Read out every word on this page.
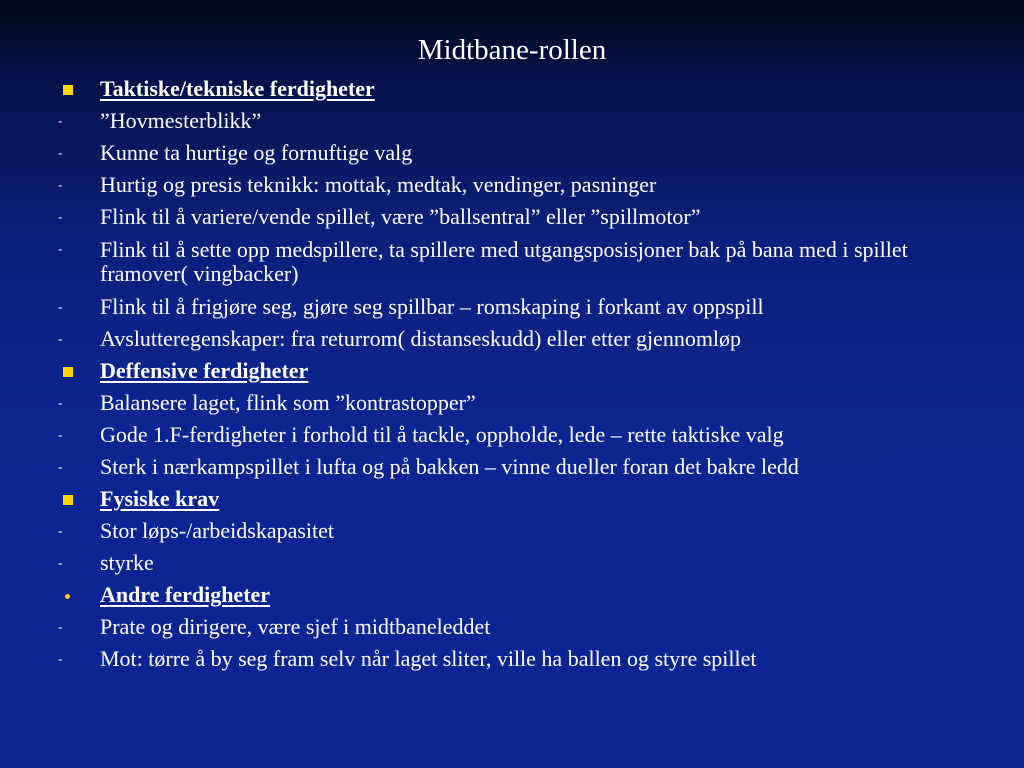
Midtbane-rollen
Taktiske/tekniske ferdigheter
-	”Hovmesterblikk”
-	Kunne ta hurtige og fornuftige valg
-	Hurtig og presis teknikk: mottak, medtak, vendinger, pasninger
-	Flink til å variere/vende spillet, være ”ballsentral” eller ”spillmotor”
-	Flink til å sette opp medspillere, ta spillere med utgangsposisjoner bak på bana med i spillet framover( vingbacker)
-	Flink til å frigjøre seg, gjøre seg spillbar – romskaping i forkant av oppspill
-	Avslutteregenskaper: fra returrom( distanseskudd) eller etter gjennomløp
Deffensive ferdigheter
-	Balansere laget, flink som ”kontrastopper”
-	Gode 1.F-ferdigheter i forhold til å tackle, oppholde, lede – rette taktiske valg
-	Sterk i nærkampspillet i lufta og på bakken – vinne dueller foran det bakre ledd
Fysiske krav
-	Stor løps-/arbeidskapasitet
-	styrke
Andre ferdigheter
-	Prate og dirigere, være sjef i midtbaneleddet
-	Mot: tørre å by seg fram selv når laget sliter, ville ha ballen og styre spillet
